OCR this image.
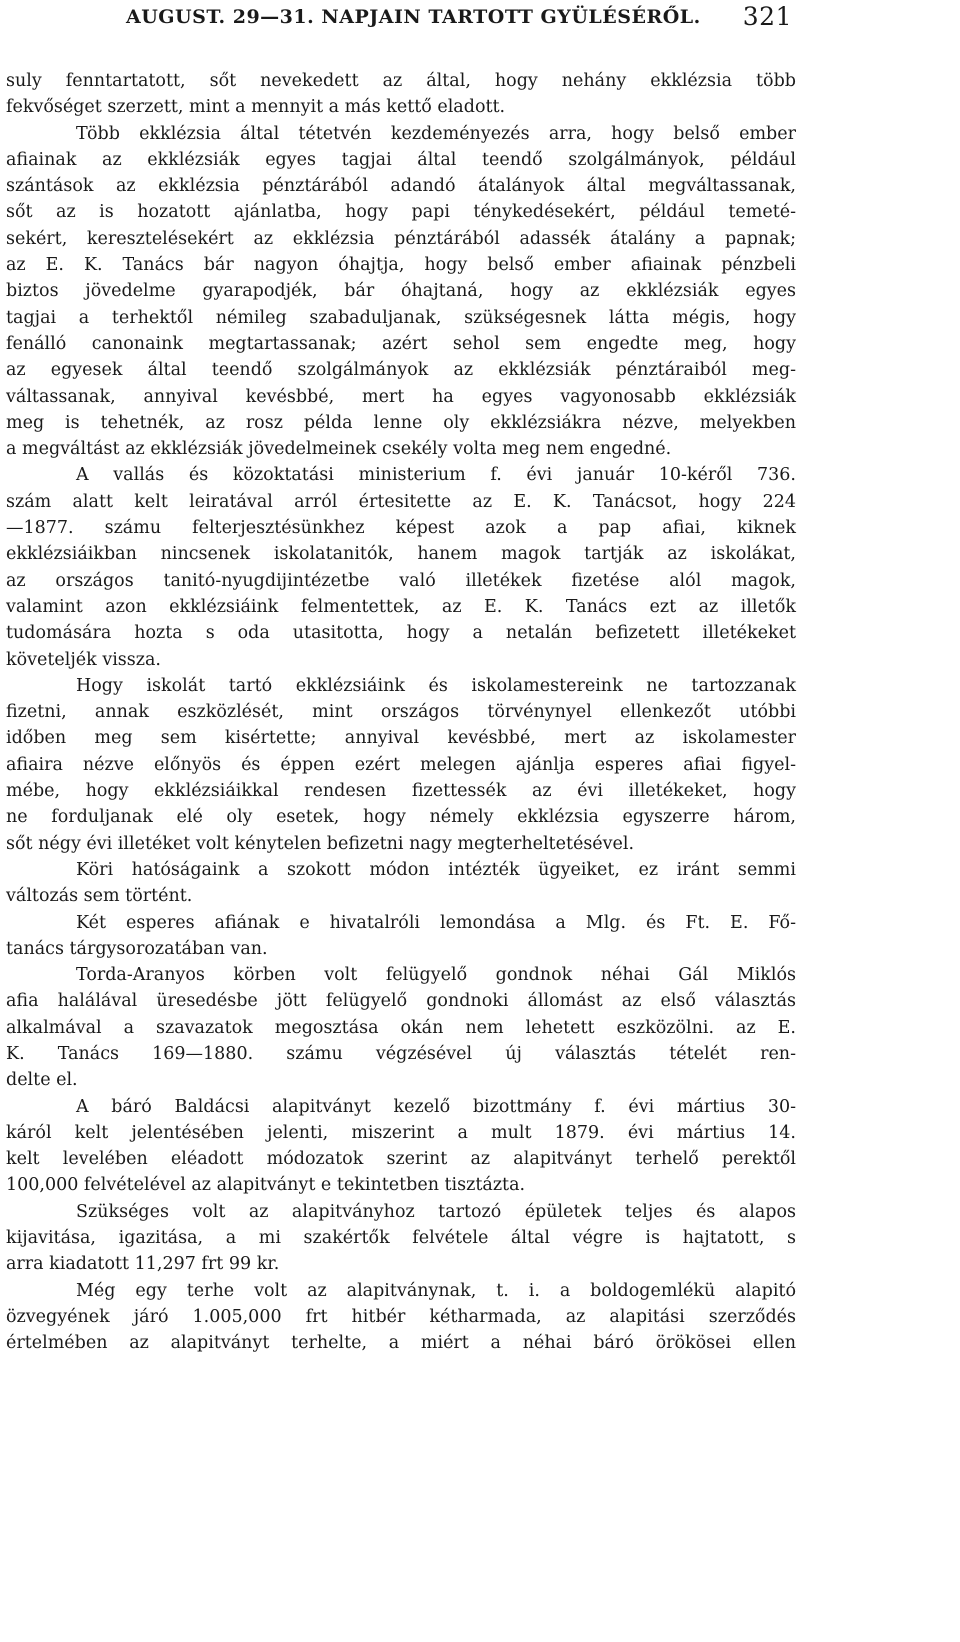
AUGUST. 29—31. NAPJAIN TARTOTT GYÜLÉSÉRŐL. 321
suly fenntartatott, sőt nevekedett az által, hogy nehány ekklézsia több
fekvőséget szerzett, mint a mennyit a más kettő eladott.
Több ekklézsia által tétetvén kezdeményezés arra, hogy belső ember
afiainak az ekklézsiák egyes tagjai által teendő szolgálmányok, például
szántások az ekklézsia pénztárából adandó átalányok által megváltassanak,
sőt az is hozatott ajánlatba, hogy papi ténykedésekért, például temeté-
sekért, keresztelésekért az ekklézsia pénztárából adassék átalány a papnak;
az E. K. Tanács bár nagyon óhajtja, hogy belső ember afiainak pénzbeli
biztos jövedelme gyarapodjék, bár óhajtaná, hogy az ekklézsiák egyes
tagjai a terhektől némileg szabaduljanak, szükségesnek látta mégis, hogy
fenálló canonaink megtartassanak; azért sehol sem engedte meg, hogy
az egyesek által teendő szolgálmányok az ekklézsiák pénztáraiból meg-
váltassanak, annyival kevésbbé, mert ha egyes vagyonosabb ekklézsiák
meg is tehetnék, az rosz példa lenne oly ekklézsiákra nézve, melyekben
a megváltást az ekklézsiák jövedelmeinek csekély volta meg nem engedné.
A vallás és közoktatási ministerium f. évi január 10-kéről 736.
szám alatt kelt leiratával arról értesitette az E. K. Tanácsot, hogy 224
—1877. számu felterjesztésünkhez képest azok a pap afiai, kiknek
ekklézsiáikban nincsenek iskolatanitók, hanem magok tartják az iskolákat,
az országos tanitó-nyugdijintézetbe való illetékek fizetése alól magok,
valamint azon ekklézsiáink felmentettek, az E. K. Tanács ezt az illetők
tudomására hozta s oda utasitotta, hogy a netalán befizetett illetékeket
követeljék vissza.
Hogy iskolát tartó ekklézsiáink és iskolamestereink ne tartozzanak
fizetni, annak eszközlését, mint országos törvénynyel ellenkezőt utóbbi
időben meg sem kisértette; annyival kevésbbé, mert az iskolamester
afiaira nézve előnyös és éppen ezért melegen ajánlja esperes afiai figyel-
mébe, hogy ekklézsiáikkal rendesen fizettessék az évi illetékeket, hogy
ne forduljanak elé oly esetek, hogy némely ekklézsia egyszerre három,
sőt négy évi illetéket volt kénytelen befizetni nagy megterheltetésével.
Köri hatóságaink a szokott módon intézték ügyeiket, ez iránt semmi
változás sem történt.
Két esperes afiának e hivatalróli lemondása a Mlg. és Ft. E. Fő-
tanács tárgysorozatában van.
Torda-Aranyos körben volt felügyelő gondnok néhai Gál Miklós
afia halálával üresedésbe jött felügyelő gondnoki állomást az első választás
alkalmával a szavazatok megosztása okán nem lehetett eszközölni. az E.
K. Tanács 169—1880. számu végzésével új választás tételét ren-
delte el.
A báró Baldácsi alapitványt kezelő bizottmány f. évi mártius 30-
káról kelt jelentésében jelenti, miszerint a mult 1879. évi mártius 14.
kelt levelében eléadott módozatok szerint az alapitványt terhelő perektől
100,000 felvételével az alapitványt e tekintetben tisztázta.
Szükséges volt az alapitványhoz tartozó épületek teljes és alapos
kijavitása, igazitása, a mi szakértők felvétele által végre is hajtatott, s
arra kiadatott 11,297 frt 99 kr.
Még egy terhe volt az alapitványnak, t. i. a boldogemlékü alapitó
özvegyének járó 1.005,000 frt hitbér kétharmada, az alapitási szerződés
értelmében az alapitványt terhelte, a miért a néhai báró örökösei ellen
